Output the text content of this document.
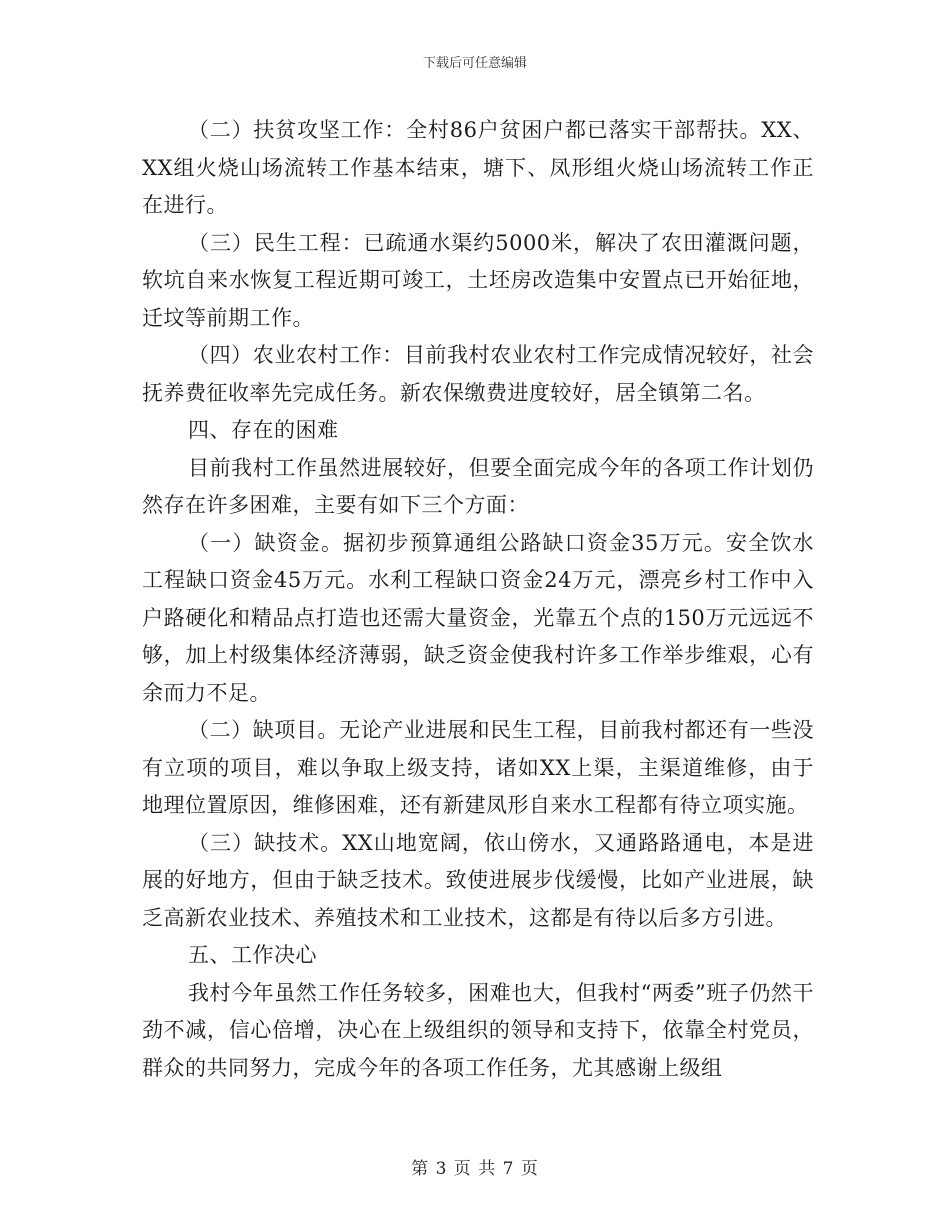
下载后可任意编辑

（二）扶贫攻坚工作：全村86户贫困户都已落实干部帮扶。XX、XX组火烧山场流转工作基本结束，塘下、凤形组火烧山场流转工作正在进行。

（三）民生工程：已疏通水渠约5000米，解决了农田灌溉问题，软坑自来水恢复工程近期可竣工，土坯房改造集中安置点已开始征地，迁坟等前期工作。

（四）农业农村工作：目前我村农业农村工作完成情况较好，社会抚养费征收率先完成任务。新农保缴费进度较好，居全镇第二名。

四、存在的困难

目前我村工作虽然进展较好，但要全面完成今年的各项工作计划仍然存在许多困难，主要有如下三个方面：

（一）缺资金。据初步预算通组公路缺口资金35万元。安全饮水工程缺口资金45万元。水利工程缺口资金24万元，漂亮乡村工作中入户路硬化和精品点打造也还需大量资金，光靠五个点的150万元远远不够，加上村级集体经济薄弱，缺乏资金使我村许多工作举步维艰，心有余而力不足。

（二）缺项目。无论产业进展和民生工程，目前我村都还有一些没有立项的项目，难以争取上级支持，诸如XX上渠，主渠道维修，由于地理位置原因，维修困难，还有新建凤形自来水工程都有待立项实施。

（三）缺技术。XX山地宽阔，依山傍水，又通路路通电，本是进展的好地方，但由于缺乏技术。致使进展步伐缓慢，比如产业进展，缺乏高新农业技术、养殖技术和工业技术，这都是有待以后多方引进。

五、工作决心

我村今年虽然工作任务较多，困难也大，但我村“两委”班子仍然干劲不减，信心倍增，决心在上级组织的领导和支持下，依靠全村党员，群众的共同努力，完成今年的各项工作任务，尤其感谢上级组

第 3 页 共 7 页
